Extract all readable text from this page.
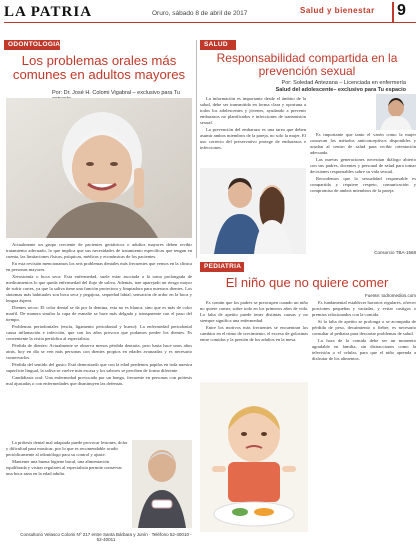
LA PATRIA	Oruro, sábado 8 de abril de 2017	Salud y bienestar	9
ODONTOLOGIA
Los problemas orales más comunes en adultos mayores
Por: Dr. José H. Colomi Vigabral – exclusivo para Tu

Actualmente un grupo creciente de pacientes geriátricos o adultos mayores deben recibir tratamiento adecuado, lo que implica que sus necesidades de tratamiento específicas que tengan en cuenta, las limitaciones físicas, psíquicas, médicas y económicas de los pacientes.

En esta revisión mencionamos los seis problemas dentales más frecuentes que vemos en la clínica en personas mayores.

Xerostomía o boca seca: Esta enfermedad, suele estar asociada a la toma prolongada de medicamentos lo que queda enfermedad del flujo de saliva. Además, trae aparejado un riesgo mayor de sufrir caries, ya que la saliva tiene una función protectora y limpiadora para nuestros dientes. Los síntomas más habituales son boca seca y pegajosa, sequedad labial, sensación de ardor en la boca y lengua áspera.

Dientes secos: El color dental se da por la dentina, esta no es blanca, sino que es más de color marfil. De manera similar la capa de esmalte se hace más delgada y transparente con el paso del tiempo.

Problemas periodontales (encía, ligamento periodontal y hueso): La enfermedad periodontal causa inflamación e infección, que con los años provoca que podamos perder los dientes. Es conveniente la visita periódica al especialista.

Pérdida de dientes: Actualmente se observa menos pérdida dentaria, pero hasta hace unos años atrás, hoy en día se ven más personas con dientes propios en edades avanzadas y es necesario conservarlos.

Pérdida del sentido del gusto: Está demostrado que con la edad perdemos papilas en toda nuestra superficie lingual, la saliva se vuelve más escasa y los sabores se perciben de forma diferente.

Candidiasis oral: Una enfermedad provocada por un hongo, frecuente en personas con prótesis mal ajustadas o con enfermedades que disminuyen las defensas.

La prótesis dental mal adaptada puede provocar lesiones, dolor y dificultad para masticar, por lo que es recomendable acudir periódicamente al odontólogo para su control y ajuste.

Mantener una buena higiene bucal, una alimentación equilibrada y visitas regulares al especialista permite conservar una boca sana en la edad adulta.

Consultorio Velasco Colomi Nº 217 entre Santa Bárbara y Junín · Teléfono 52-40010 - 52-40011
SALUD
Responsabilidad compartida en la prevención sexual
Por: Soledad Antezana – Licenciada en enfermería
Salud del adolescente– exclusivo para Tu espacio

La información es importante desde el ámbito de la salud, debe ser transmitida en forma clara y oportuna a todos los adolescentes y jóvenes, ayudando a prevenir embarazos no planificados e infecciones de transmisión sexual.

La prevención del embarazo es una tarea que deben asumir ambos miembros de la pareja, no solo la mujer. El uso correcto del preservativo protege de embarazos e infecciones.

Es importante que tanto el varón como la mujer conozcan los métodos anticonceptivos disponibles y acudan al centro de salud para recibir orientación adecuada.

Las nuevas generaciones necesitan diálogo abierto con sus padres, docentes y personal de salud para tomar decisiones responsables sobre su vida sexual.

Recordemos que la sexualidad responsable es compartida y requiere respeto, comunicación y compromiso de ambos miembros de la pareja.

Consorcio TBA-1568
PEDIATRIA
El niño que no quiere comer
Fuente: todromedios.com

Es común que los padres se preocupen cuando un niño no quiere comer, sobre todo en los primeros años de vida. La falta de apetito puede tener distintas causas y no siempre significa una enfermedad.

Entre los motivos más frecuentes se encuentran los cambios en el ritmo de crecimiento, el exceso de golosinas entre comidas y la presión de los adultos en la mesa.

Es fundamental establecer horarios regulares, ofrecer porciones pequeñas y variadas, y evitar castigos o premios relacionados con la comida.

Si la falta de apetito se prolonga o se acompaña de pérdida de peso, decaimiento o fiebre, es necesario consultar al pediatra para descartar problemas de salud.

La hora de la comida debe ser un momento agradable en familia, sin distracciones como la televisión o el celular, para que el niño aprenda a disfrutar de los alimentos.
